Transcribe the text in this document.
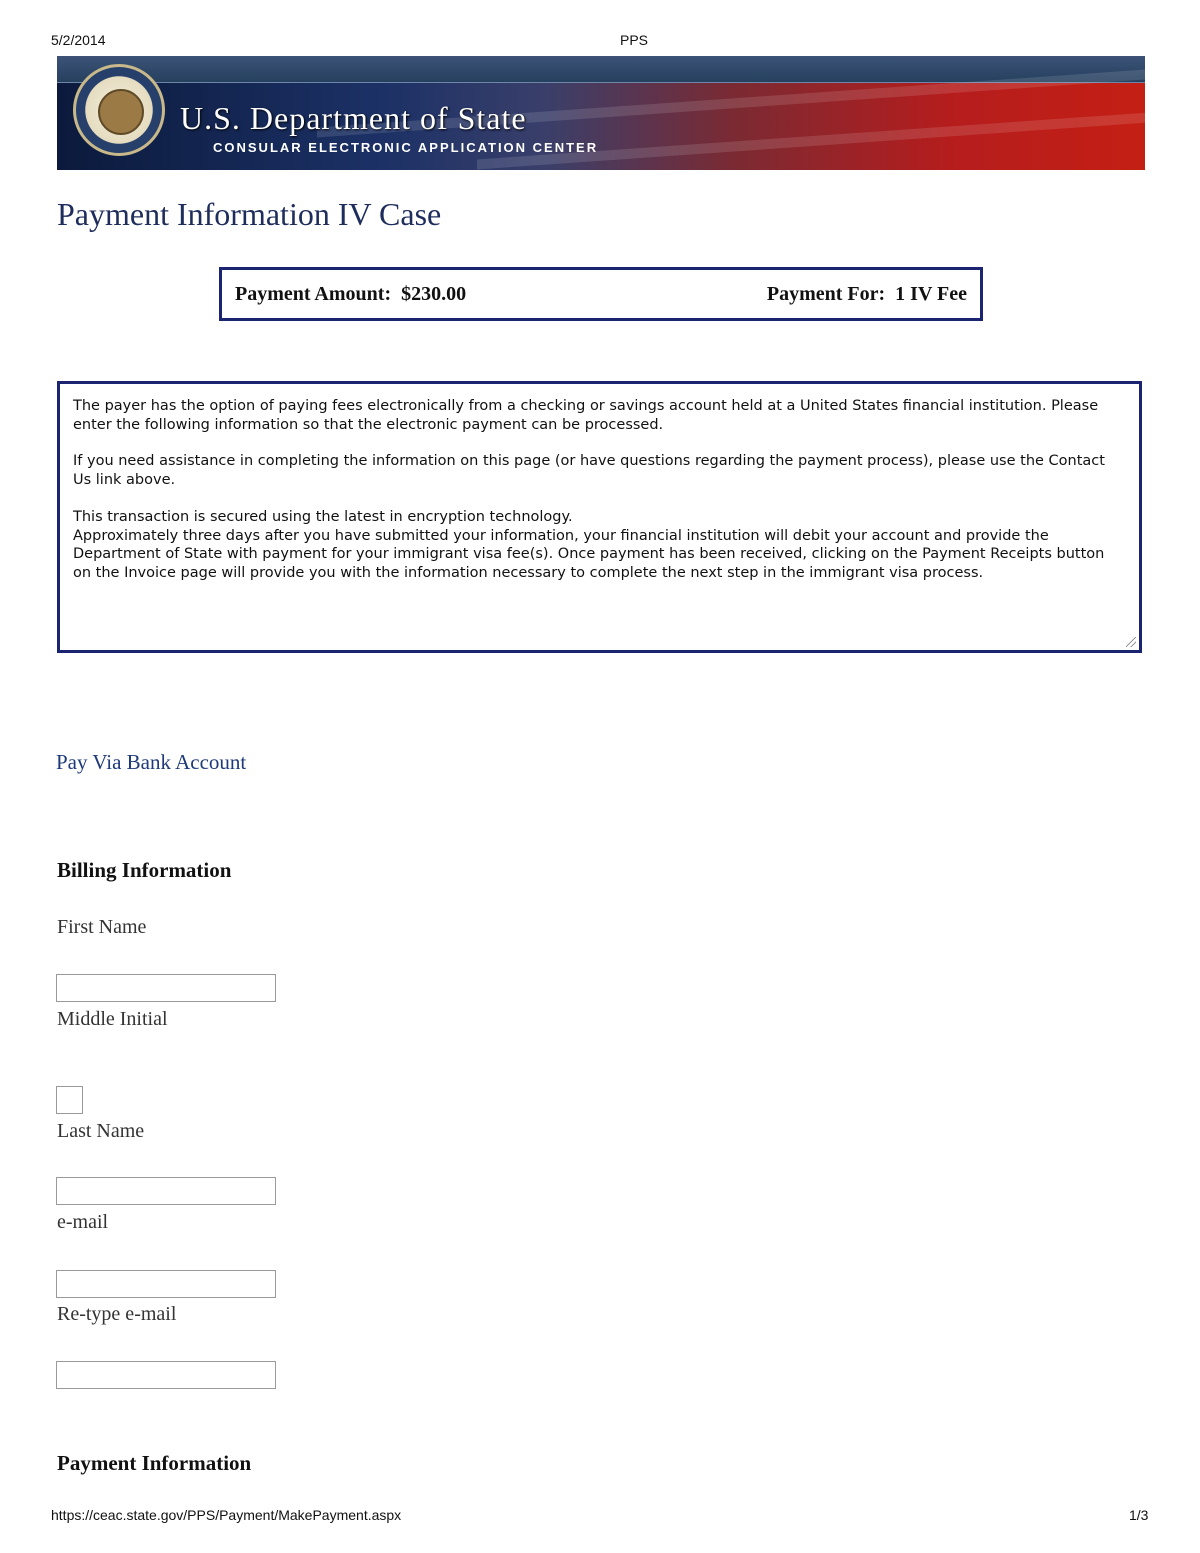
5/2/2014	PPS
U.S. Department of State
CONSULAR ELECTRONIC APPLICATION CENTER
Payment Information IV Case
Payment Amount: $230.00	Payment For: 1 IV Fee

The payer has the option of paying fees electronically from a checking or savings account held at a United States financial institution. Please enter the following information so that the electronic payment can be processed.

If you need assistance in completing the information on this page (or have questions regarding the payment process), please use the Contact Us link above.

This transaction is secured using the latest in encryption technology.
Approximately three days after you have submitted your information, your financial institution will debit your account and provide the Department of State with payment for your immigrant visa fee(s). Once payment has been received, clicking on the Payment Receipts button on the Invoice page will provide you with the information necessary to complete the next step in the immigrant visa process.
Pay Via Bank Account
Billing Information
First Name
Middle Initial
Last Name
e-mail
Re-type e-mail
Payment Information
https://ceac.state.gov/PPS/Payment/MakePayment.aspx	1/3
